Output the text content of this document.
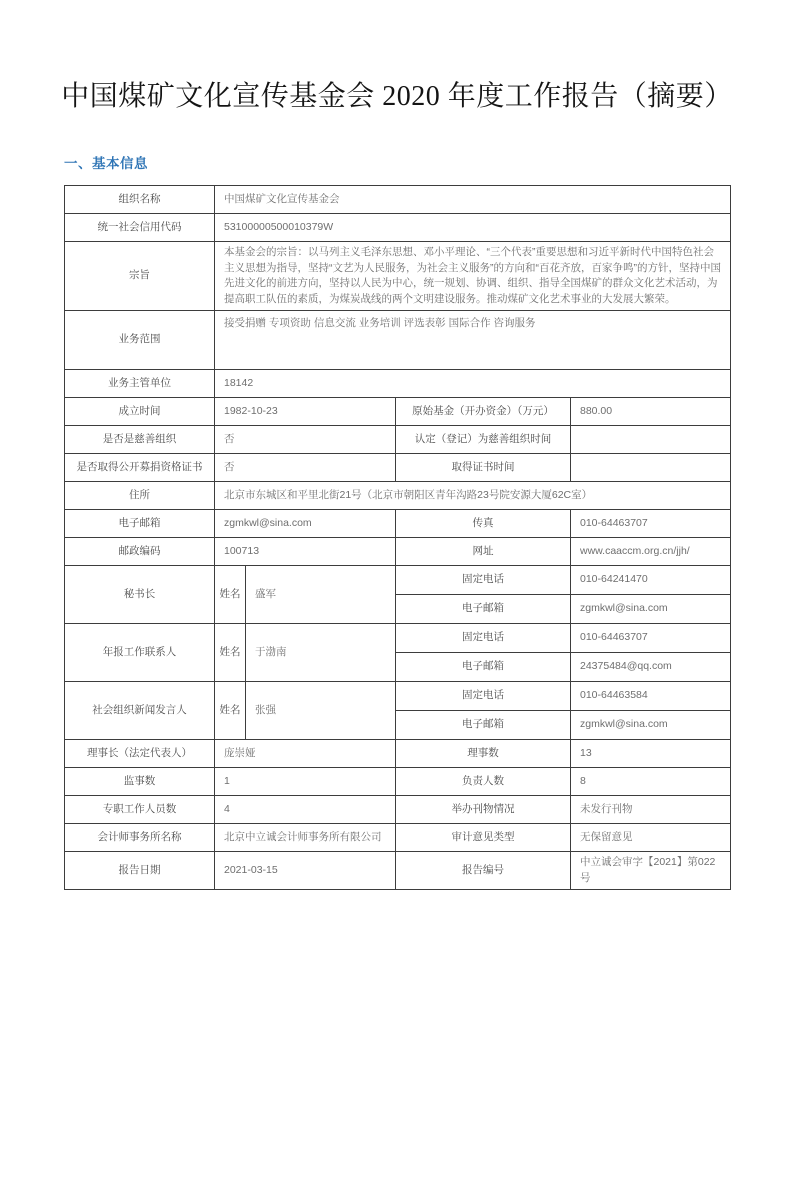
中国煤矿文化宣传基金会 2020 年度工作报告（摘要）
一、基本信息
组织名称	中国煤矿文化宣传基金会			
统一社会信用代码	53100000500010379W			
宗旨	本基金会的宗旨：以马列主义毛泽东思想、邓小平理论、“三个代表”重要思想和习近平新时代中国特色社会主义思想为指导，坚持“文艺为人民服务，为社会主义服务”的方向和“百花齐放，百家争鸣”的方针，坚持中国先进文化的前进方向，坚持以人民为中心，统一规划、协调、组织、指导全国煤矿的群众文化艺术活动，为提高职工队伍的素质，为煤炭战线的两个文明建设服务。推动煤矿文化艺术事业的大发展大繁荣。			
业务范围	接受捐赠 专项资助 信息交流 业务培训 评选表彰 国际合作 咨询服务			
业务主管单位	18142			
成立时间	1982-10-23		原始基金（开办资金）（万元）	880.00
是否是慈善组织	否		认定（登记）为慈善组织时间	
是否取得公开募捐资格证书	否		取得证书时间	
住所	北京市东城区和平里北街21号（北京市朝阳区青年沟路23号院安源大厦62C室）			
电子邮箱	zgmkwl@sina.com		传真	010-64463707
邮政编码	100713		网址	www.caaccm.org.cn/jjh/
秘书长	姓名	盛军	固定电话	010-64241470
			电子邮箱	zgmkwl@sina.com
年报工作联系人	姓名	于渤南	固定电话	010-64463707
			电子邮箱	24375484@qq.com
社会组织新闻发言人	姓名	张强	固定电话	010-64463584
			电子邮箱	zgmkwl@sina.com
理事长（法定代表人）	庞崇娅		理事数	13
监事数	1		负责人数	8
专职工作人员数	4		举办刊物情况	未发行刊物
会计师事务所名称	北京中立诚会计师事务所有限公司		审计意见类型	无保留意见
报告日期	2021-03-15		报告编号	中立诚会审字【2021】第022号
